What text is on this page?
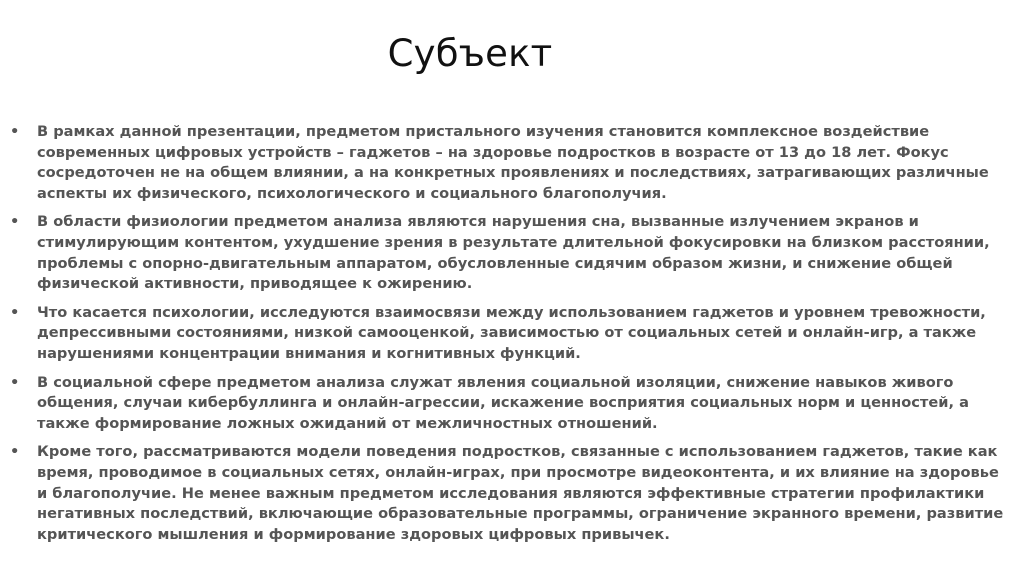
Субъект
•	В рамках данной презентации, предметом пристального изучения становится комплексное воздействие современных цифровых устройств – гаджетов – на здоровье подростков в возрасте от 13 до 18 лет. Фокус сосредоточен не на общем влиянии, а на конкретных проявлениях и последствиях, затрагивающих различные аспекты их физического, психологического и социального благополучия.
•	В области физиологии предметом анализа являются нарушения сна, вызванные излучением экранов и стимулирующим контентом, ухудшение зрения в результате длительной фокусировки на близком расстоянии, проблемы с опорно-двигательным аппаратом, обусловленные сидячим образом жизни, и снижение общей физической активности, приводящее к ожирению.
•	Что касается психологии, исследуются взаимосвязи между использованием гаджетов и уровнем тревожности, депрессивными состояниями, низкой самооценкой, зависимостью от социальных сетей и онлайн-игр, а также нарушениями концентрации внимания и когнитивных функций.
•	В социальной сфере предметом анализа служат явления социальной изоляции, снижение навыков живого общения, случаи кибербуллинга и онлайн-агрессии, искажение восприятия социальных норм и ценностей, а также формирование ложных ожиданий от межличностных отношений.
•	Кроме того, рассматриваются модели поведения подростков, связанные с использованием гаджетов, такие как время, проводимое в социальных сетях, онлайн-играх, при просмотре видеоконтента, и их влияние на здоровье и благополучие. Не менее важным предметом исследования являются эффективные стратегии профилактики негативных последствий, включающие образовательные программы, ограничение экранного времени, развитие критического мышления и формирование здоровых цифровых привычек.
